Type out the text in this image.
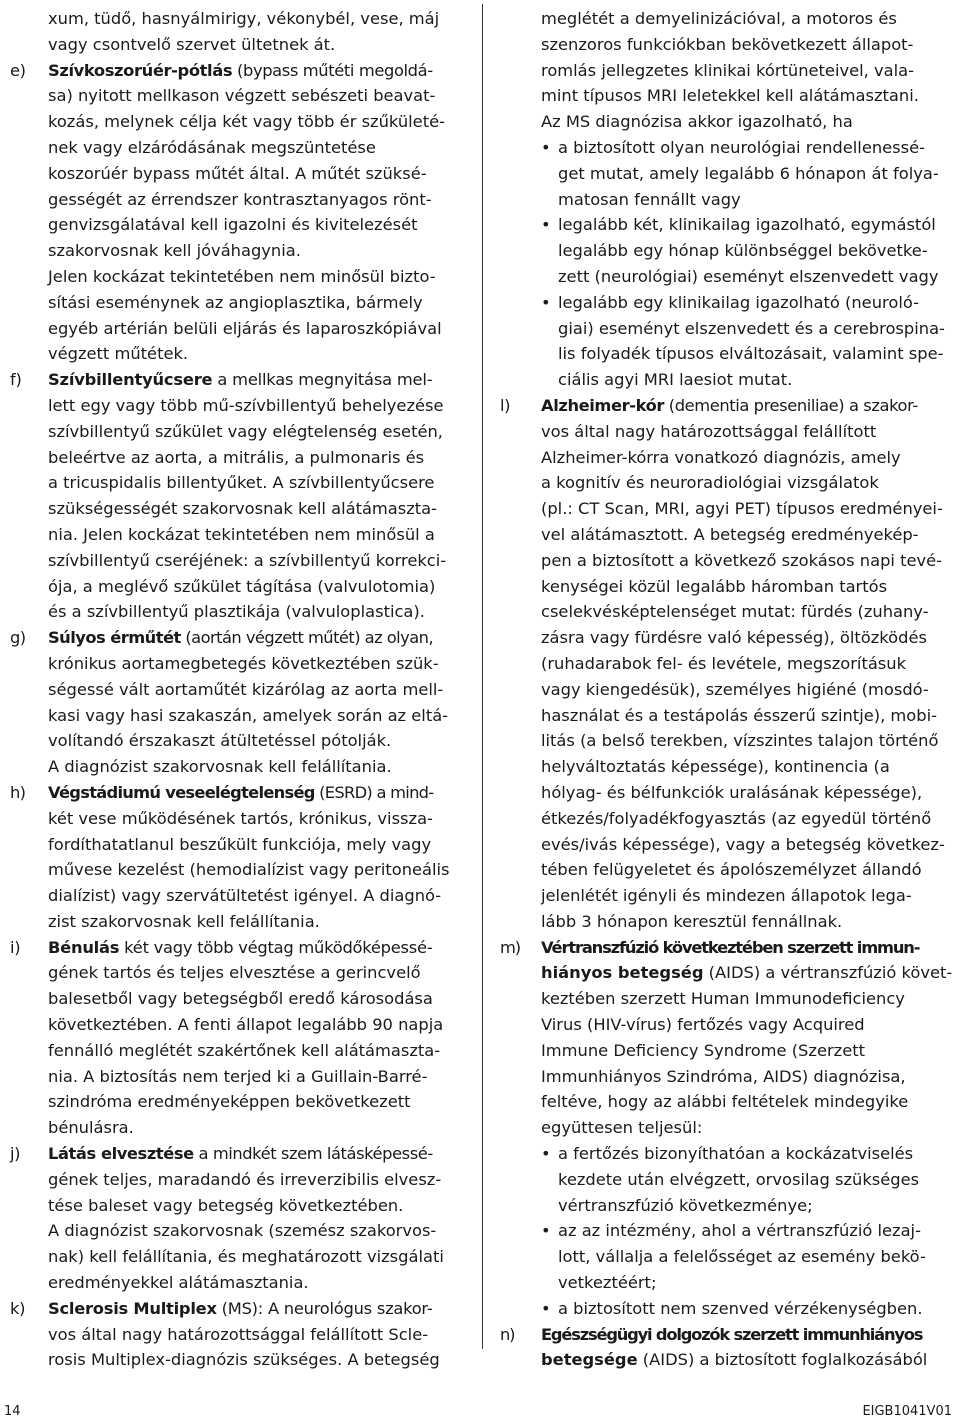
xum, tüdő, hasnyálmirigy, vékonybél, vese, máj
vagy csontvelő szervet ültetnek át.
e) Szívkoszorúér-pótlás (bypass műtéti megoldá-
sa) nyitott mellkason végzett sebészeti beavat-
kozás, melynek célja két vagy több ér szűkületé-
nek vagy elzáródásának megszüntetése
koszorúér bypass műtét által. A műtét szüksé-
gességét az érrendszer kontrasztanyagos rönt-
genvizsgálatával kell igazolni és kivitelezését
szakorvosnak kell jóváhagynia.
Jelen kockázat tekintetében nem minősül bizto-
sítási eseménynek az angioplasztika, bármely
egyéb artérián belüli eljárás és laparoszkópiával
végzett műtétek.
f) Szívbillentyűcsere a mellkas megnyitása mel-
lett egy vagy több mű-szívbillentyű behelyezése
szívbillentyű szűkület vagy elégtelenség esetén,
beleértve az aorta, a mitrális, a pulmonaris és
a tricuspidalis billentyűket. A szívbillentyűcsere
szükségességét szakorvosnak kell alátámaszta-
nia. Jelen kockázat tekintetében nem minősül a
szívbillentyű cseréjének: a szívbillentyű korrekci-
ója, a meglévő szűkület tágítása (valvulotomia)
és a szívbillentyű plasztikája (valvuloplastica).
g) Súlyos érműtét (aortán végzett műtét) az olyan,
krónikus aortamegbetegés következtében szük-
ségessé vált aortaműtét kizárólag az aorta mell-
kasi vagy hasi szakaszán, amelyek során az eltá-
volítandó érszakaszt átültetéssel pótolják.
A diagnózist szakorvosnak kell felállítania.
h) Végstádiumú veseelégtelenség (ESRD) a mind-
két vese működésének tartós, krónikus, vissza-
fordíthatatlanul beszűkült funkciója, mely vagy
művese kezelést (hemodialízist vagy peritoneális
dialízist) vagy szervátültetést igényel. A diagnó-
zist szakorvosnak kell felállítania.
i) Bénulás két vagy több végtag működőképessé-
gének tartós és teljes elvesztése a gerincvelő
balesetből vagy betegségből eredő károsodása
következtében. A fenti állapot legalább 90 napja
fennálló meglétét szakértőnek kell alátámaszta-
nia. A biztosítás nem terjed ki a Guillain-Barré-
szindróma eredményeképpen bekövetkezett
bénulásra.
j) Látás elvesztése a mindkét szem látásképessé-
gének teljes, maradandó és irreverzibilis elvesz-
tése baleset vagy betegség következtében.
A diagnózist szakorvosnak (szemész szakorvos-
nak) kell felállítania, és meghatározott vizsgálati
eredményekkel alátámasztania.
k) Sclerosis Multiplex (MS): A neurológus szakor-
vos által nagy határozottsággal felállított Scle-
rosis Multiplex-diagnózis szükséges. A betegség
meglétét a demyelinizációval, a motoros és
szenzoros funkciókban bekövetkezett állapot-
romlás jellegzetes klinikai kórtüneteivel, vala-
mint típusos MRI leletekkel kell alátámasztani.
Az MS diagnózisa akkor igazolható, ha
• a biztosított olyan neurológiai rendellenessé-
get mutat, amely legalább 6 hónapon át folya-
matosan fennállt vagy
• legalább két, klinikailag igazolható, egymástól
legalább egy hónap különbséggel bekövetke-
zett (neurológiai) eseményt elszenvedett vagy
• legalább egy klinikailag igazolható (neuroló-
giai) eseményt elszenvedett és a cerebrospina-
lis folyadék típusos elváltozásait, valamint spe-
ciális agyi MRI laesiot mutat.
l) Alzheimer-kór (dementia preseniliae) a szakor-
vos által nagy határozottsággal felállított
Alzheimer-kórra vonatkozó diagnózis, amely
a kognitív és neuroradiológiai vizsgálatok
(pl.: CT Scan, MRI, agyi PET) típusos eredményei-
vel alátámasztott. A betegség eredményekép-
pen a biztosított a következő szokásos napi tevé-
kenységei közül legalább háromban tartós
cselekvésképtelenséget mutat: fürdés (zuhany-
zásra vagy fürdésre való képesség), öltözködés
(ruhadarabok fel- és levétele, megszorításuk
vagy kiengedésük), személyes higiéné (mosdó-
használat és a testápolás ésszerű szintje), mobi-
litás (a belső terekben, vízszintes talajon történő
helyváltoztatás képessége), kontinencia (a
hólyag- és bélfunkciók uralásának képessége),
étkezés/folyadékfogyasztás (az egyedül történő
evés/ivás képessége), vagy a betegség következ-
tében felügyeletet és ápolószemélyzet állandó
jelenlétét igényli és mindezen állapotok lega-
lább 3 hónapon keresztül fennállnak.
m) Vértranszfúzió következtében szerzett immun-
hiányos betegség (AIDS) a vértranszfúzió követ-
keztében szerzett Human Immunodeficiency
Virus (HIV-vírus) fertőzés vagy Acquired
Immune Deficiency Syndrome (Szerzett
Immunhiányos Szindróma, AIDS) diagnózisa,
feltéve, hogy az alábbi feltételek mindegyike
együttesen teljesül:
• a fertőzés bizonyíthatóan a kockázatviselés
kezdete után elvégzett, orvosilag szükséges
vértranszfúzió következménye;
• az az intézmény, ahol a vértranszfúzió lezaj-
lott, vállalja a felelősséget az esemény bekö-
vetkeztéért;
• a biztosított nem szenved vérzékenységben.
n) Egészségügyi dolgozók szerzett immunhiányos
betegsége (AIDS) a biztosított foglalkozásából
14	EIGB1041V01
